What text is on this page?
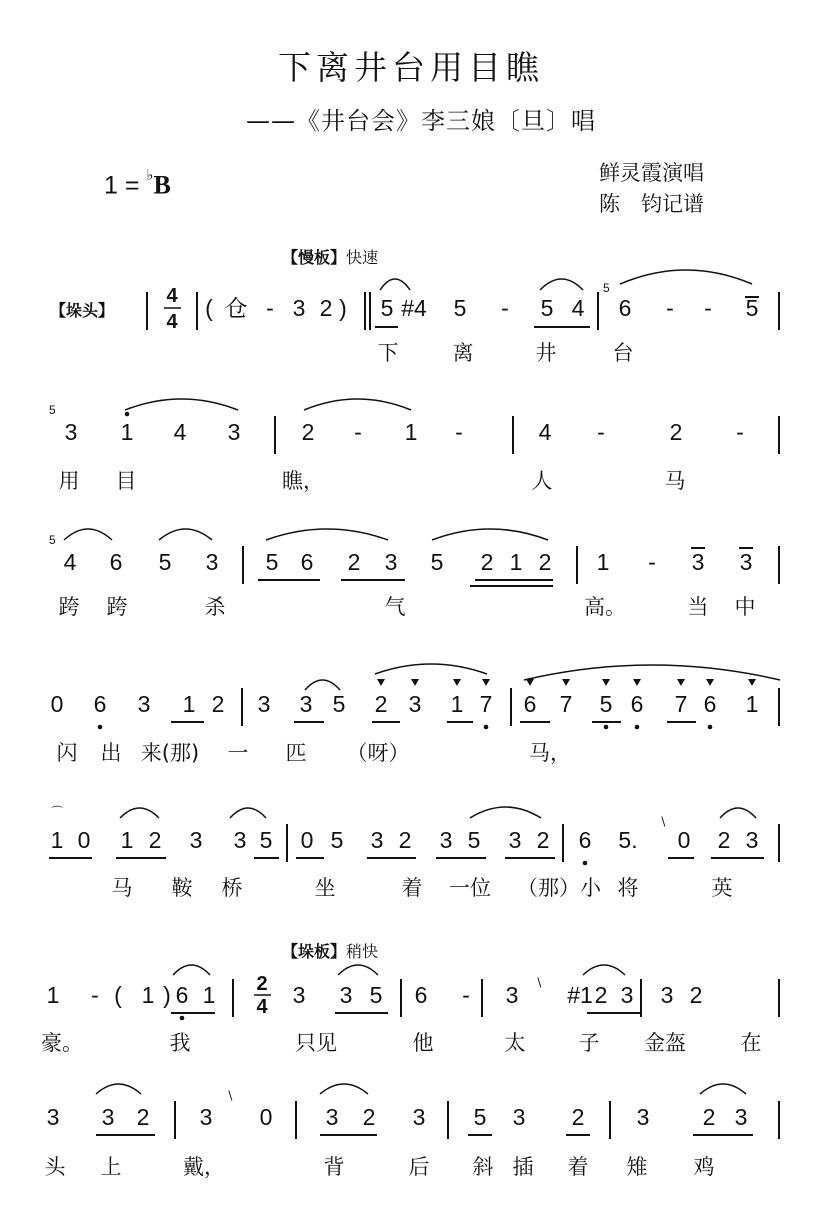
下离井台用目瞧
——《井台会》李三娘〔旦〕唱
1 = ♭B	鲜灵霞演唱
陈　钧记谱
【慢板】快速
【垛板】稍快
【垛头】	( 仓 - 3 2 ) 5 #4 5 - 5 4 6 - - 5
下	离	井	台
3 1 4 3	2 - 1 -	4 -	2 -
用 目	瞧，	人	马
4 6 5 3 5 6 2 3 5 2 1 2 1 - 3 3
跨 跨	杀	气	高。	当 中
0 6 3 1 2 3 3 5 2 3 1 7 6 7 5 6 7 6 1
闪 出 来(那) 一 匹 （呀）	马，
1 0 1 2 3 3 5 0 5 3 2 3 5 3 2 6 5. 0 2 3
马 鞍 桥	坐	着 一位 （那）小 将	英
1 - ( 1 ) 6 1	3 3 5 6 - 3 #1 2 3 3 2
豪。	我	只见	他	太	子 金盔	在
3 3 2 3 0 3 2 3 5 3 2 3 2 3
头 上	戴，	背	后 斜 插 着 雉 鸡
4
4
2
4
5
5
5
⌒
∖
∖
∖
